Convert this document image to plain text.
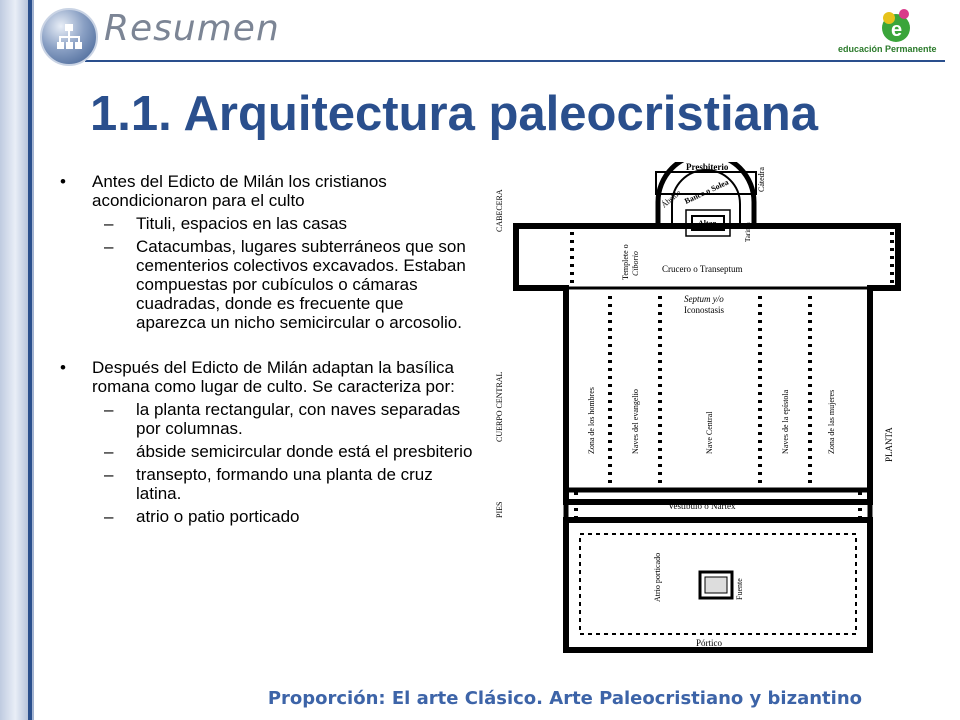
Resumen	e
educación Permanente
1.1. Arquitectura paleocristiana
•	Antes del Edicto de Milán los cristianos acondicionaron para el culto
–	Tituli, espacios en las casas
–	Catacumbas, lugares subterráneos que son cementerios colectivos excavados. Estaban compuestas por cubículos o cámaras cuadradas, donde es frecuente que aparezca un nicho semicircular o arcosolio.
•	Después del Edicto de Milán adaptan la basílica romana como lugar de culto. Se caracteriza por:
–	la planta rectangular, con naves separadas por columnas.
–	ábside semicircular donde está el presbiterio
–	transepto, formando una planta de cruz latina.
–	atrio o patio porticado
Presbiterio
Ábside
Cátedra
Banco o Solea
Altar	Tarima
Templete o Ciborio
CABECERA
Crucero o Transeptum
Septum y/o
Iconostasis
CUERPO CENTRAL	Zona de los hombres	Naves del evangelio	Nave Central	Naves de la epístola	Zona de las mujeres	PLANTA
PIES	Vestíbulo o Nártex
Atrio porticado	Fuente
Pórtico
Proporción: El arte Clásico. Arte Paleocristiano y bizantino
